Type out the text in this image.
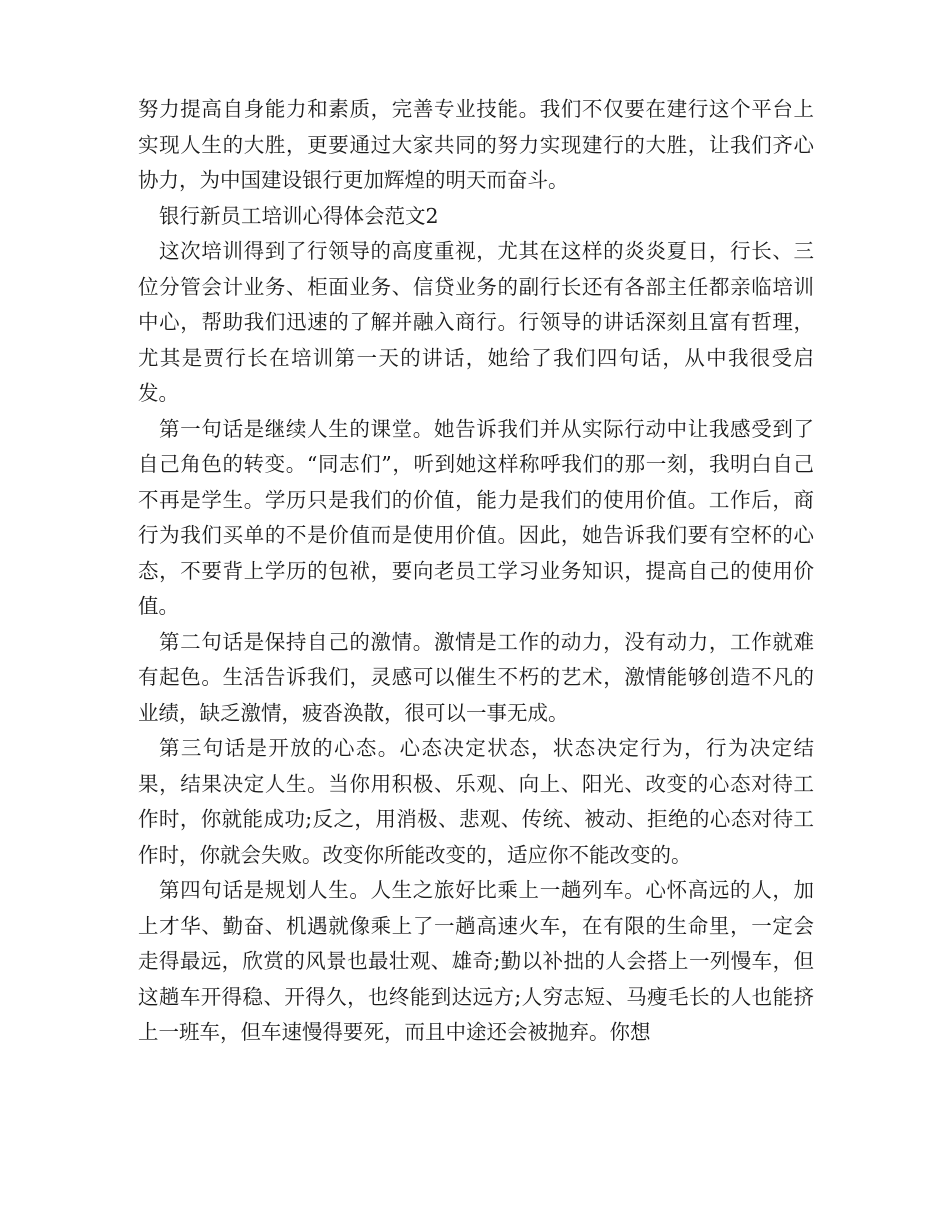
努力提高自身能力和素质，完善专业技能。我们不仅要在建行这个平台上实现人生的大胜，更要通过大家共同的努力实现建行的大胜，让我们齐心协力，为中国建设银行更加辉煌的明天而奋斗。

银行新员工培训心得体会范文2

这次培训得到了行领导的高度重视，尤其在这样的炎炎夏日，行长、三位分管会计业务、柜面业务、信贷业务的副行长还有各部主任都亲临培训中心，帮助我们迅速的了解并融入商行。行领导的讲话深刻且富有哲理，尤其是贾行长在培训第一天的讲话，她给了我们四句话，从中我很受启发。

第一句话是继续人生的课堂。她告诉我们并从实际行动中让我感受到了自己角色的转变。“同志们”，听到她这样称呼我们的那一刻，我明白自己不再是学生。学历只是我们的价值，能力是我们的使用价值。工作后，商行为我们买单的不是价值而是使用价值。因此，她告诉我们要有空杯的心态，不要背上学历的包袱，要向老员工学习业务知识，提高自己的使用价值。

第二句话是保持自己的激情。激情是工作的动力，没有动力，工作就难有起色。生活告诉我们，灵感可以催生不朽的艺术，激情能够创造不凡的业绩，缺乏激情，疲沓涣散，很可以一事无成。

第三句话是开放的心态。心态决定状态，状态决定行为，行为决定结果，结果决定人生。当你用积极、乐观、向上、阳光、改变的心态对待工作时，你就能成功;反之，用消极、悲观、传统、被动、拒绝的心态对待工作时，你就会失败。改变你所能改变的，适应你不能改变的。

第四句话是规划人生。人生之旅好比乘上一趟列车。心怀高远的人，加上才华、勤奋、机遇就像乘上了一趟高速火车，在有限的生命里，一定会走得最远，欣赏的风景也最壮观、雄奇;勤以补拙的人会搭上一列慢车，但这趟车开得稳、开得久，也终能到达远方;人穷志短、马瘦毛长的人也能挤上一班车，但车速慢得要死，而且中途还会被抛弃。你想
